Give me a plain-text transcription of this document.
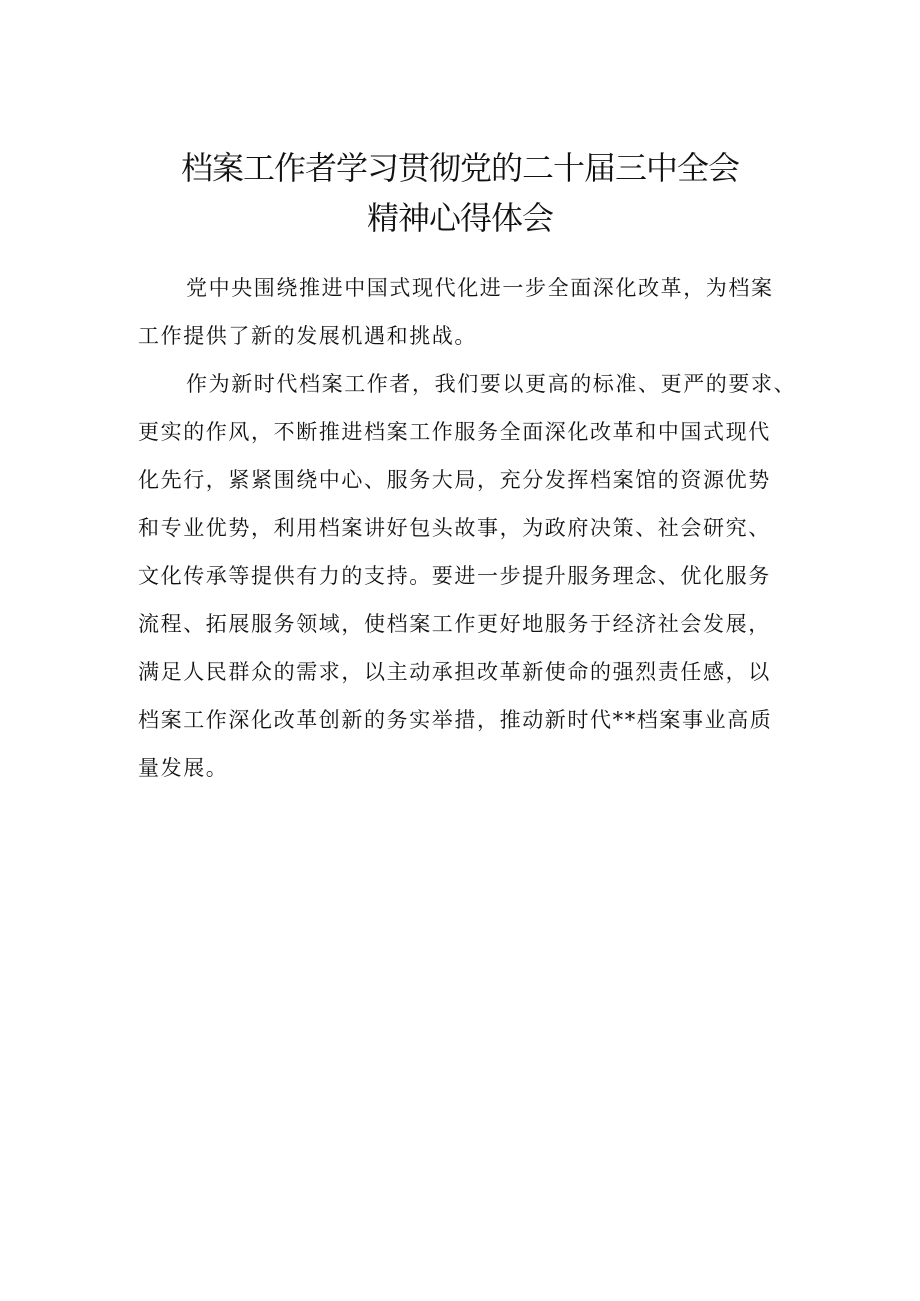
档案工作者学习贯彻党的二十届三中全会
精神心得体会
党中央围绕推进中国式现代化进一步全面深化改革，为档案
工作提供了新的发展机遇和挑战。
作为新时代档案工作者，我们要以更高的标准、更严的要求、
更实的作风，不断推进档案工作服务全面深化改革和中国式现代
化先行，紧紧围绕中心、服务大局，充分发挥档案馆的资源优势
和专业优势，利用档案讲好包头故事，为政府决策、社会研究、
文化传承等提供有力的支持。要进一步提升服务理念、优化服务
流程、拓展服务领域，使档案工作更好地服务于经济社会发展，
满足人民群众的需求，以主动承担改革新使命的强烈责任感，以
档案工作深化改革创新的务实举措，推动新时代**档案事业高质
量发展。
